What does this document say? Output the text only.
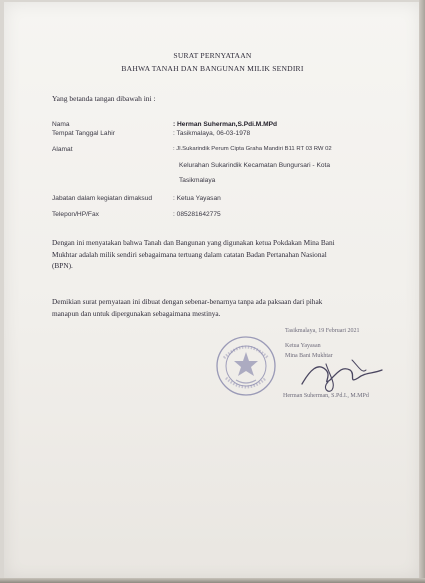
SURAT PERNYATAAN
BAHWA TANAH DAN BANGUNAN MILIK SENDIRI
Yang betanda tangan dibawah ini :
Nama	: Herman Suherman,S.Pdi.M.MPd
Tempat Tanggal Lahir	: Tasikmalaya, 06-03-1978
Alamat	: Jl.Sukarindik Perum Cipta Graha Mandiri B11 RT 03 RW 02
Kelurahan Sukarindik Kecamatan Bungursari - Kota
Tasikmalaya
Jabatan dalam kegiatan dimaksud	: Ketua Yayasan
Telepon/HP/Fax	: 085281642775
Dengan ini menyatakan bahwa Tanah dan Bangunan yang digunakan ketua Pokdakan Mina Bani
Mukhtar adalah milik sendiri sebagaimana tertuang dalam catatan Badan Pertanahan Nasional
(BPN).
Demikian surat pernyataan ini dibuat dengan sebenar-benarnya tanpa ada paksaan dari pihak
manapun dan untuk dipergunakan sebagaimana mestinya.
Tasikmalaya, 19 Februari 2021
Ketua Yayasan
Mina Bani Mukhtar
Herman Suherman, S.Pd.I., M.MPd
